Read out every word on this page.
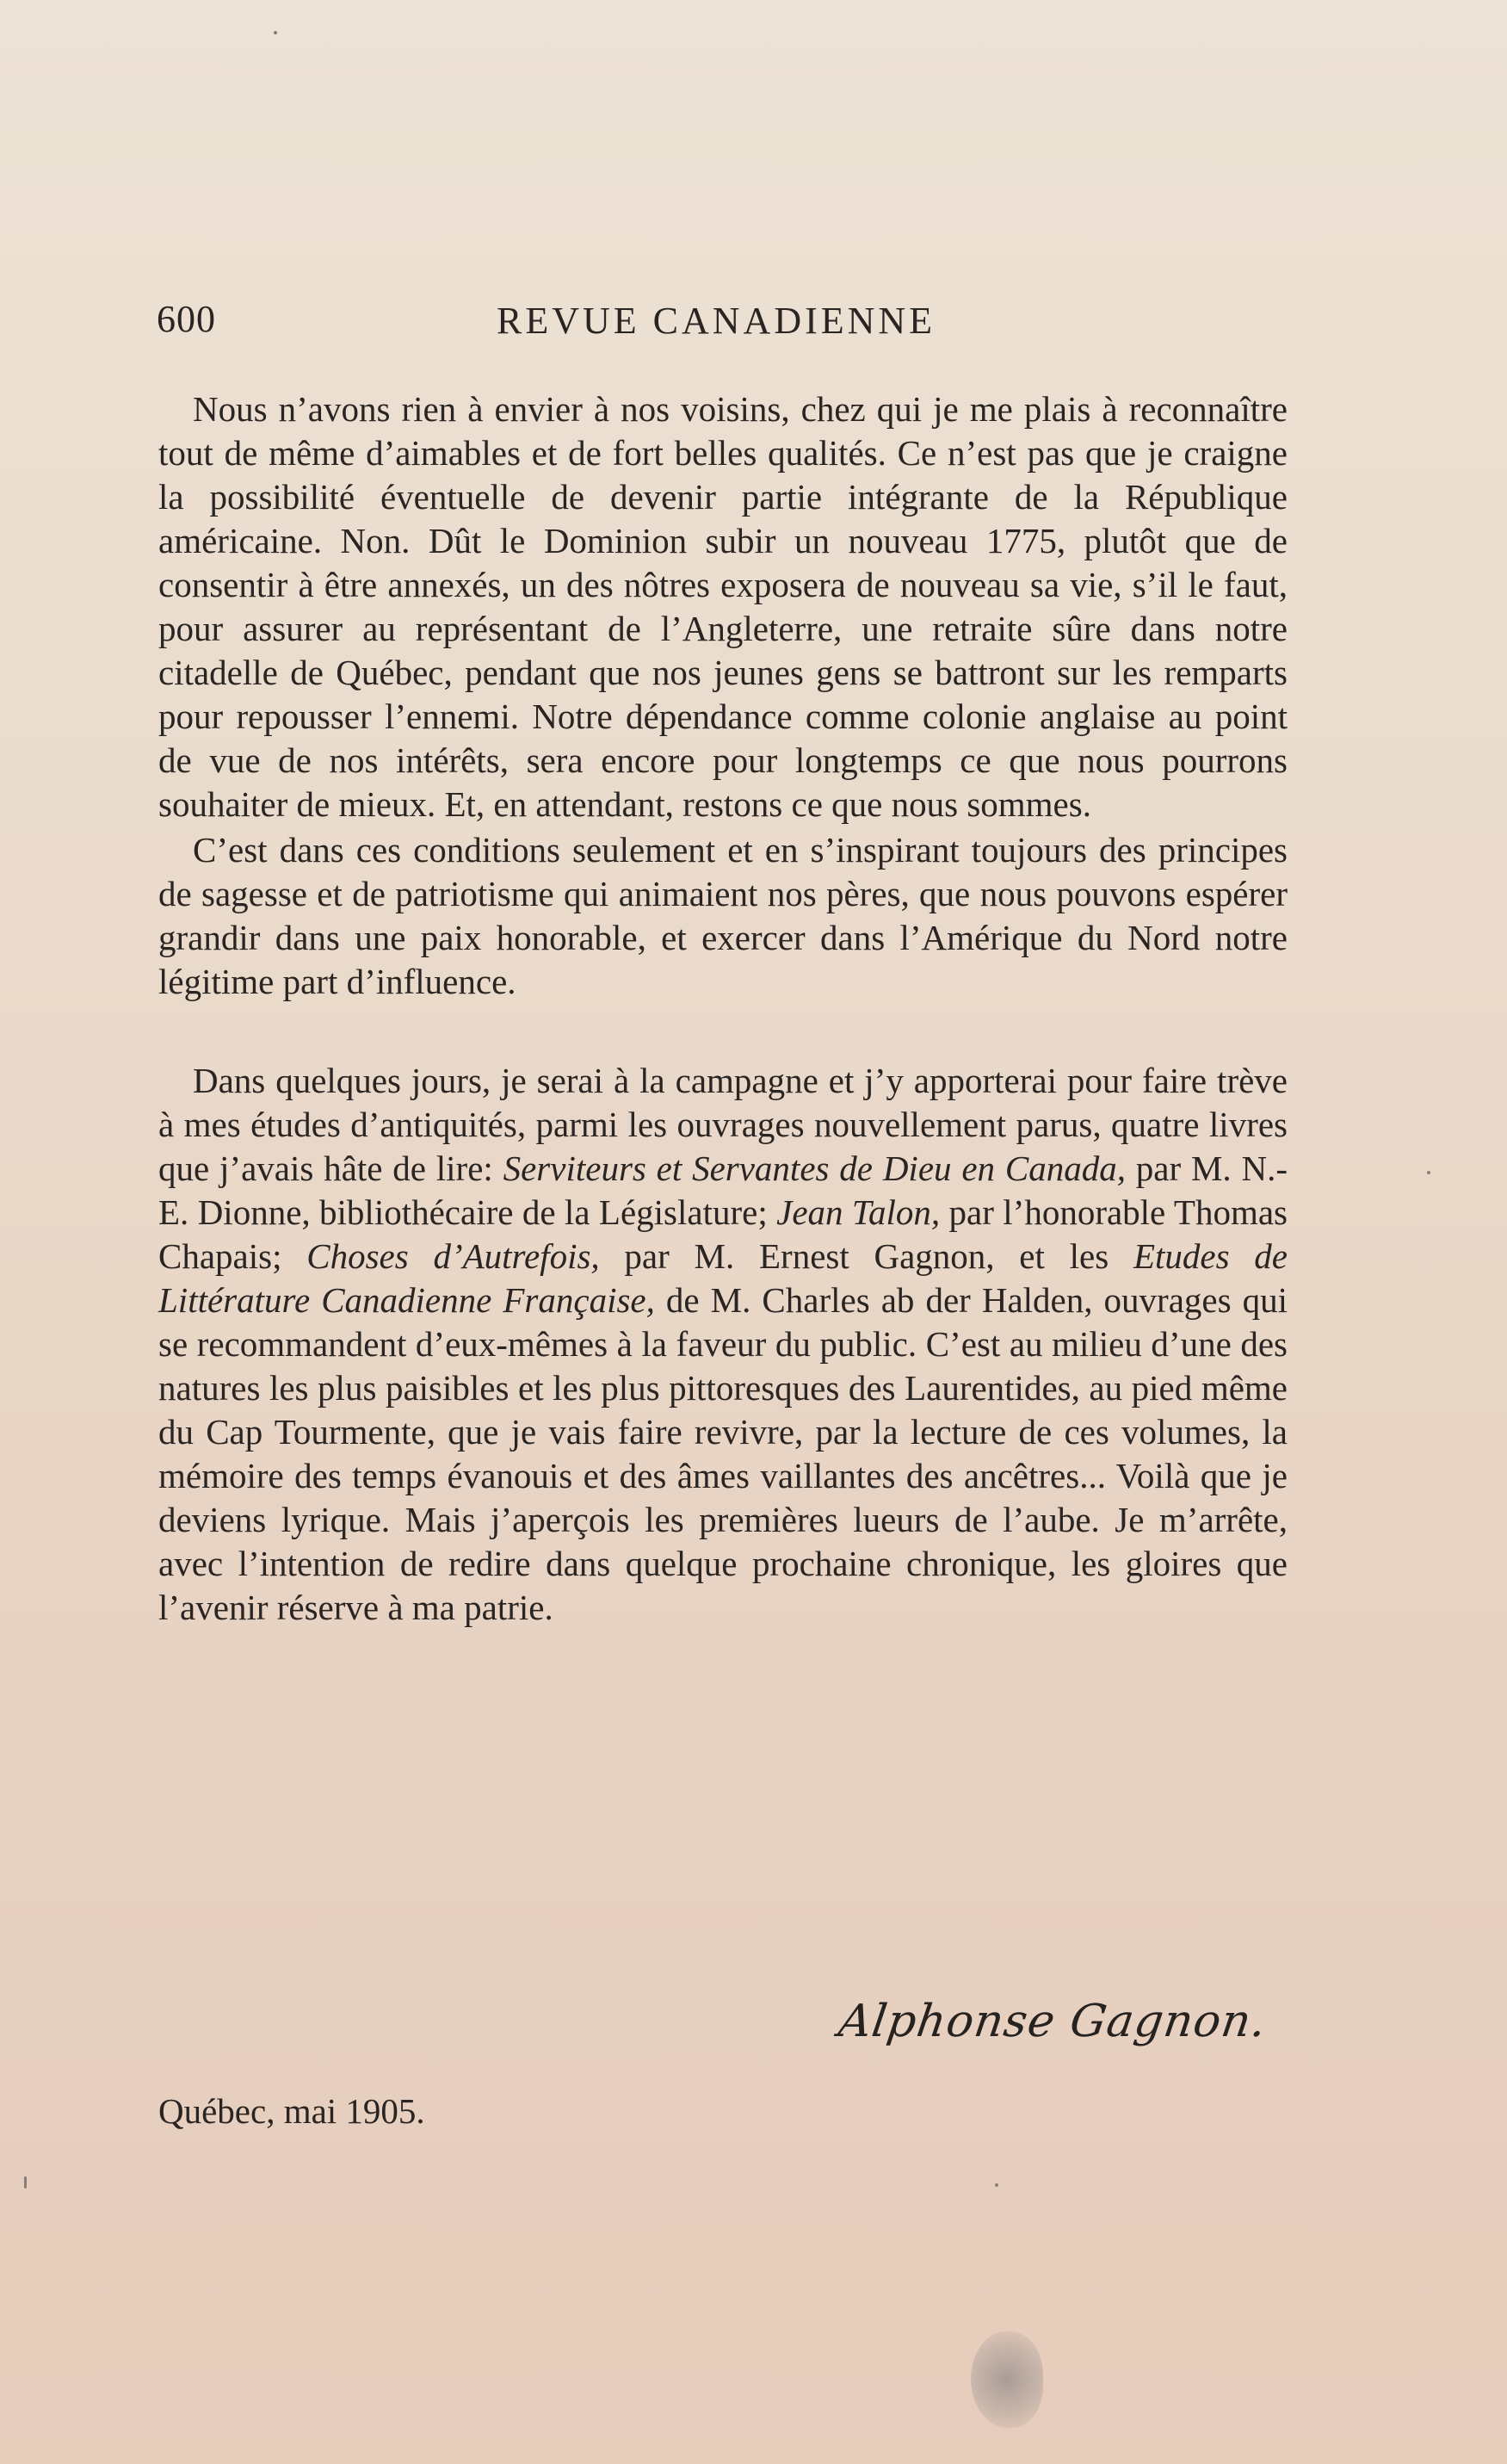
600	REVUE CANADIENNE

Nous n’avons rien à envier à nos voisins, chez qui je me plais à reconnaître tout de même d’aimables et de fort belles qualités. Ce n’est pas que je craigne la possibilité éventuelle de devenir partie intégrante de la République américaine. Non. Dût le Dominion subir un nouveau 1775, plutôt que de consentir à être annexés, un des nôtres exposera de nouveau sa vie, s’il le faut, pour assurer au représentant de l’Angleterre, une retraite sûre dans notre citadelle de Québec, pendant que nos jeunes gens se battront sur les remparts pour repousser l’ennemi. Notre dépendance comme colonie anglaise au point de vue de nos intérêts, sera encore pour longtemps ce que nous pourrons souhaiter de mieux. Et, en attendant, restons ce que nous sommes.

C’est dans ces conditions seulement et en s’inspirant toujours des principes de sagesse et de patriotisme qui animaient nos pères, que nous pouvons espérer grandir dans une paix honorable, et exercer dans l’Amérique du Nord notre légitime part d’influence.

Dans quelques jours, je serai à la campagne et j’y apporterai pour faire trève à mes études d’antiquités, parmi les ouvrages nouvellement parus, quatre livres que j’avais hâte de lire: Serviteurs et Servantes de Dieu en Canada, par M. N.-E. Dionne, bibliothécaire de la Législature; Jean Talon, par l’honorable Thomas Chapais; Choses d’Autrefois, par M. Ernest Gagnon, et les Etudes de Littérature Canadienne Française, de M. Charles ab der Halden, ouvrages qui se recommandent d’eux-mêmes à la faveur du public. C’est au milieu d’une des natures les plus paisibles et les plus pittoresques des Laurentides, au pied même du Cap Tourmente, que je vais faire revivre, par la lecture de ces volumes, la mémoire des temps évanouis et des âmes vaillantes des ancêtres... Voilà que je deviens lyrique. Mais j’aperçois les premières lueurs de l’aube. Je m’arrête, avec l’intention de redire dans quelque prochaine chronique, les gloires que l’avenir réserve à ma patrie.

Alphonse Gagnon.
Québec, mai 1905.
